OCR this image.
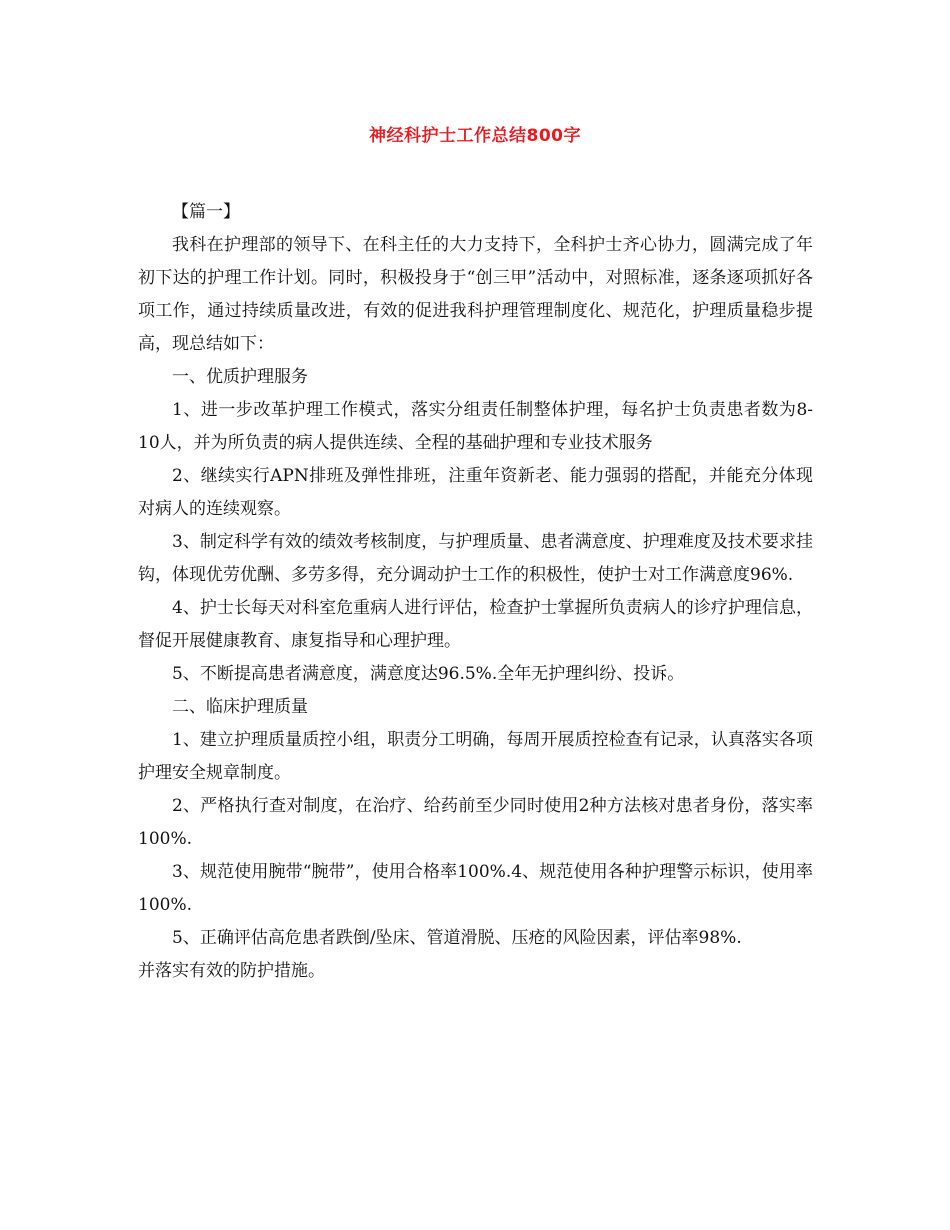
神经科护士工作总结800字

【篇一】

我科在护理部的领导下、在科主任的大力支持下，全科护士齐心协力，圆满完成了年初下达的护理工作计划。同时，积极投身于“创三甲”活动中，对照标准，逐条逐项抓好各项工作，通过持续质量改进，有效的促进我科护理管理制度化、规范化，护理质量稳步提高，现总结如下：

一、优质护理服务

1、进一步改革护理工作模式，落实分组责任制整体护理，每名护士负责患者数为8-10人，并为所负责的病人提供连续、全程的基础护理和专业技术服务

2、继续实行APN排班及弹性排班，注重年资新老、能力强弱的搭配，并能充分体现对病人的连续观察。

3、制定科学有效的绩效考核制度，与护理质量、患者满意度、护理难度及技术要求挂钩，体现优劳优酬、多劳多得，充分调动护士工作的积极性，使护士对工作满意度96%.

4、护士长每天对科室危重病人进行评估，检查护士掌握所负责病人的诊疗护理信息，督促开展健康教育、康复指导和心理护理。

5、不断提高患者满意度，满意度达96.5%.全年无护理纠纷、投诉。

二、临床护理质量

1、建立护理质量质控小组，职责分工明确，每周开展质控检查有记录，认真落实各项护理安全规章制度。

2、严格执行查对制度，在治疗、给药前至少同时使用2种方法核对患者身份，落实率100%.

3、规范使用腕带“腕带”，使用合格率100%.4、规范使用各种护理警示标识，使用率100%.

5、正确评估高危患者跌倒/坠床、管道滑脱、压疮的风险因素，评估率98%.

并落实有效的防护措施。
